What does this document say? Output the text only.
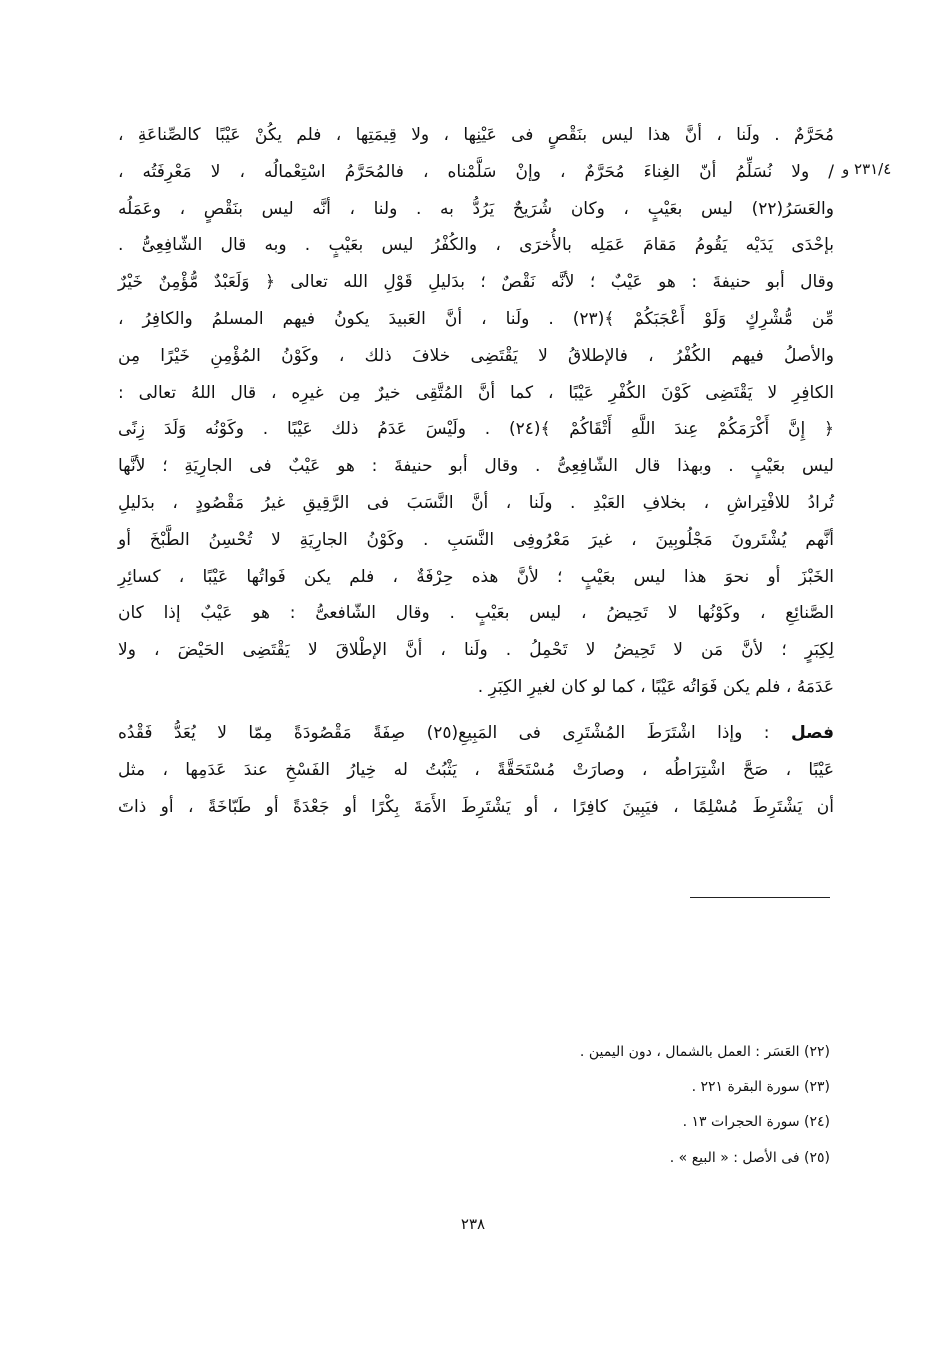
٢٣١/٤ و
مُحَرَّمٌ . ولَنا ، أنَّ هذا ليس بنَقْصٍ فى عَيْنِها ، ولا قِيمَتِها ، فلم يكُنْ عَيْبًا كالصِّناعَةِ ،
/ ولا نُسَلِّمُ أنّ الغِناءَ مُحَرَّمٌ ، وإنْ سَلَّمْناه ، فالمُحَرَّمُ اسْتِعْمالُه ، لا مَعْرِفَتُه ،
والعَسَرُ(٢٢) ليس بعَيْبٍ ، وكان شُرَيحٌ يَرُدُّ به . ولنا ، أنَّه ليس بنَقْصٍ ، وعَمَلُه
بإحْدَى يَدَيْه يَقُومُ مَقامَ عَمَلِه بالأُخرَى ، والكُفْرُ ليس بعَيْبٍ . وبه قال الشّافِعِىُّ .
وقال أبو حنيفةَ : هو عَيْبٌ ؛ لأنَّه نَقْصٌ ؛ بدَليلِ قَوْلِ الله تعالى ﴿ وَلَعَبْدٌ مُّؤْمِنٌ خَيْرٌ
مِّن مُّشْرِكٍ وَلَوْ أَعْجَبَكُمْ ﴾(٢٣) . ولَنا ، أنَّ العَبيدَ يكونُ فيهم المسلمُ والكافِرُ ،
والأصلُ فيهم الكُفْرُ ، فالإطلاقُ لا يَقْتَضِى خلافَ ذلك ، وكَوْنُ المُؤْمِنِ خَيْرًا مِن
الكافِرِ لا يَقْتَضِى كَوْنَ الكُفْرِ عَيْبًا ، كما أنَّ المُتَّقِى خيرٌ مِن غيرِه ، قال اللهُ تعالى :
﴿ إِنَّ أَكْرَمَكُمْ عِندَ اللَّهِ أَتْقَاكُمْ ﴾(٢٤) . ولَيْسَ عَدَمُ ذلك عَيْبًا . وكَوْنُه وَلَدَ زِنًى
ليس بعَيْبٍ . وبهذا قال الشّافِعِىُّ . وقال أبو حنيفةَ : هو عَيْبٌ فى الجارِيَةِ ؛ لأنَّها
تُرادُ للافْتِراشِ ، بخلافِ العَبْدِ . ولَنا ، أنَّ النَّسَبَ فى الرَّقِيقِ غيرُ مَقْصُودٍ ، بدَليلِ
أنَّهم يُشْتَرونَ مَجْلُوبِينَ ، غيرَ مَعْرُوفِى النَّسَبِ . وكَوْنُ الجارِيَةِ لا تُحْسِنُ الطَّبْخَ أو
الخَبْزَ أو نحوَ هذا ليس بعَيْبٍ ؛ لأنَّ هذه حِرْفَةٌ ، فلم يكن فَواتُها عَيْبًا ، كسائِرِ
الصَّنائِعِ ، وكَوْنُها لا تَحِيضُ ، ليس بعَيْبٍ . وقال الشّافعىُّ : هو عَيْبٌ إذا كان
لِكِبَرٍ ؛ لأنَّ مَن لا تَحِيضُ لا تَحْمِلُ . ولَنا ، أنَّ الإطْلاقَ لا يَقْتَضِى الحَيْضَ ، ولا
عَدَمَهُ ، فلم يكن فَوَاتُه عَيْبًا ، كما لو كان لغيرِ الكِبَرِ .
فصل : وإذا اشْتَرَطَ المُشْتَرِى فى المَبِيعِ(٢٥) صِفَةً مَقْصُودَةً مِمّا لا يُعَدُّ فَقْدُه
عَيْبًا ، صَحَّ اشْتِرَاطُه ، وصارَتْ مُسْتَحَقَّةً ، يَثْبُتُ له خِيارُ الفَسْخِ عندَ عَدَمِها ، مثل
أن يَشْتَرِطَ مُسْلِمًا ، فيَبِينَ كافِرًا ، أو يَشْتَرِطَ الأَمَةَ بِكْرًا أو جَعْدَةً أو طَبّاخَةً ، أو ذاتَ
(٢٢) العَسَر : العمل بالشمال ، دون اليمين .
(٢٣) سورة البقرة ٢٢١ .
(٢٤) سورة الحجرات ١٣ .
(٢٥) فى الأصل : « البيع » .
٢٣٨
